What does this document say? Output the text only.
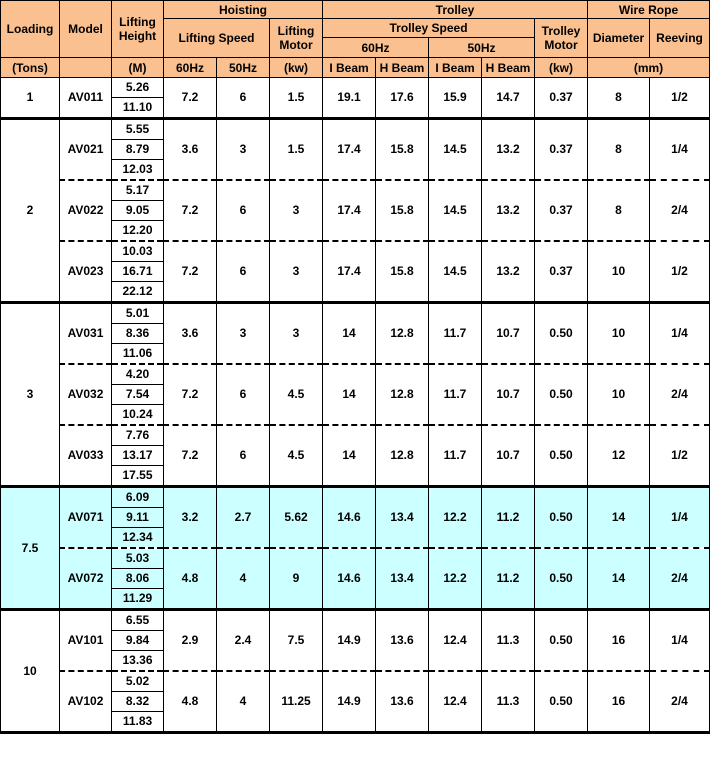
Loading	Model	Lifting Height	Hoisting			Trolley					Wire Rope	
			Lifting Speed		Lifting Motor	Trolley Speed				Trolley Motor	Diameter	Reeving
						60Hz		50Hz				
(Tons)		(M)	60Hz	50Hz	(kw)	I Beam	H Beam	I Beam	H Beam	(kw)	(mm)	
1	AV011	5.26	7.2	6	1.5	19.1	17.6	15.9	14.7	0.37	8	1/2
		11.10										
2	AV021	5.55	3.6	3	1.5	17.4	15.8	14.5	13.2	0.37	8	1/4
		8.79										
		12.03										
	AV022	5.17	7.2	6	3	17.4	15.8	14.5	13.2	0.37	8	2/4
		9.05										
		12.20										
	AV023	10.03	7.2	6	3	17.4	15.8	14.5	13.2	0.37	10	1/2
		16.71										
		22.12										
3	AV031	5.01	3.6	3	3	14	12.8	11.7	10.7	0.50	10	1/4
		8.36										
		11.06										
	AV032	4.20	7.2	6	4.5	14	12.8	11.7	10.7	0.50	10	2/4
		7.54										
		10.24										
	AV033	7.76	7.2	6	4.5	14	12.8	11.7	10.7	0.50	12	1/2
		13.17										
		17.55										
7.5	AV071	6.09	3.2	2.7	5.62	14.6	13.4	12.2	11.2	0.50	14	1/4
		9.11										
		12.34										
	AV072	5.03	4.8	4	9	14.6	13.4	12.2	11.2	0.50	14	2/4
		8.06										
		11.29										
10	AV101	6.55	2.9	2.4	7.5	14.9	13.6	12.4	11.3	0.50	16	1/4
		9.84										
		13.36										
	AV102	5.02	4.8	4	11.25	14.9	13.6	12.4	11.3	0.50	16	2/4
		8.32										
		11.83										
